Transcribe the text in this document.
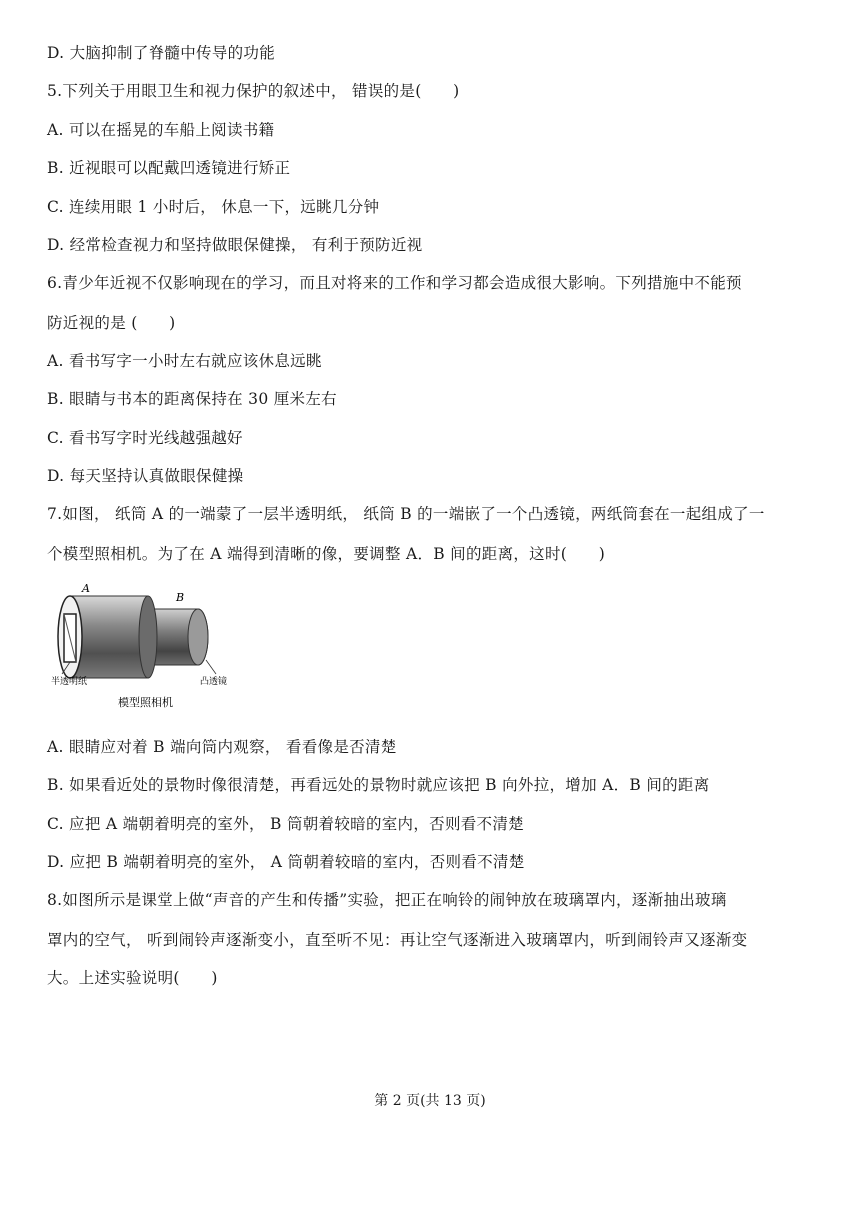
D. 大脑抑制了脊髓中传导的功能
5.下列关于用眼卫生和视力保护的叙述中， 错误的是(　　)
A. 可以在摇晃的车船上阅读书籍
B. 近视眼可以配戴凹透镜进行矫正
C. 连续用眼 1 小时后， 休息一下，远眺几分钟
D. 经常检查视力和坚持做眼保健操， 有利于预防近视
6.青少年近视不仅影响现在的学习，而且对将来的工作和学习都会造成很大影响。下列措施中不能预
防近视的是 (　　)
A. 看书写字一小时左右就应该休息远眺
B. 眼睛与书本的距离保持在 30 厘米左右
C. 看书写字时光线越强越好
D. 每天坚持认真做眼保健操
7.如图， 纸筒 A 的一端蒙了一层半透明纸， 纸筒 B 的一端嵌了一个凸透镜，两纸筒套在一起组成了一
个模型照相机。为了在 A 端得到清晰的像，要调整 A．B 间的距离，这时(　　)
A
B
半透明纸	凸透镜
模型照相机
A. 眼睛应对着 B 端向筒内观察， 看看像是否清楚
B. 如果看近处的景物时像很清楚，再看远处的景物时就应该把 B 向外拉，增加 A．B 间的距离
C. 应把 A 端朝着明亮的室外， B 筒朝着较暗的室内，否则看不清楚
D. 应把 B 端朝着明亮的室外， A 筒朝着较暗的室内，否则看不清楚
8.如图所示是课堂上做“声音的产生和传播”实验，把正在响铃的闹钟放在玻璃罩内，逐渐抽出玻璃
罩内的空气， 听到闹铃声逐渐变小，直至听不见：再让空气逐渐进入玻璃罩内，听到闹铃声又逐渐变
大。上述实验说明(　　)
第 2 页(共 13 页)
